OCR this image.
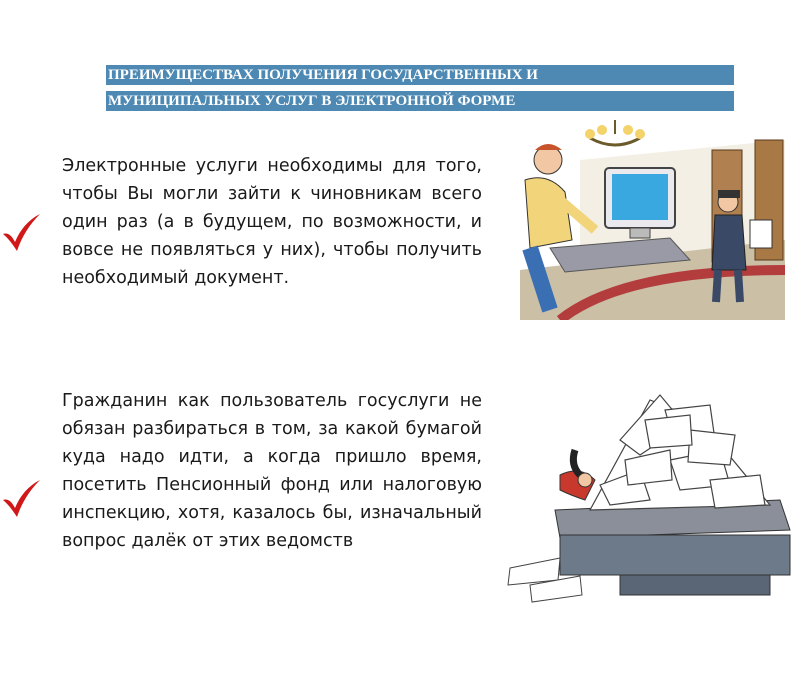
ПРЕИМУЩЕСТВАХ ПОЛУЧЕНИЯ ГОСУДАРСТВЕННЫХ И
МУНИЦИПАЛЬНЫХ УСЛУГ В ЭЛЕКТРОННОЙ ФОРМЕ
Электронные услуги необходимы для того, чтобы Вы могли зайти к чиновникам всего один раз (а в будущем, по возможности, и вовсе не появляться у них), чтобы получить необходимый документ.
Гражданин как пользователь госуслуги не обязан разбираться в том, за какой бумагой куда надо идти, а когда пришло время, посетить Пенсионный фонд или налоговую инспекцию, хотя, казалось бы, изначальный вопрос далёк от этих ведомств
